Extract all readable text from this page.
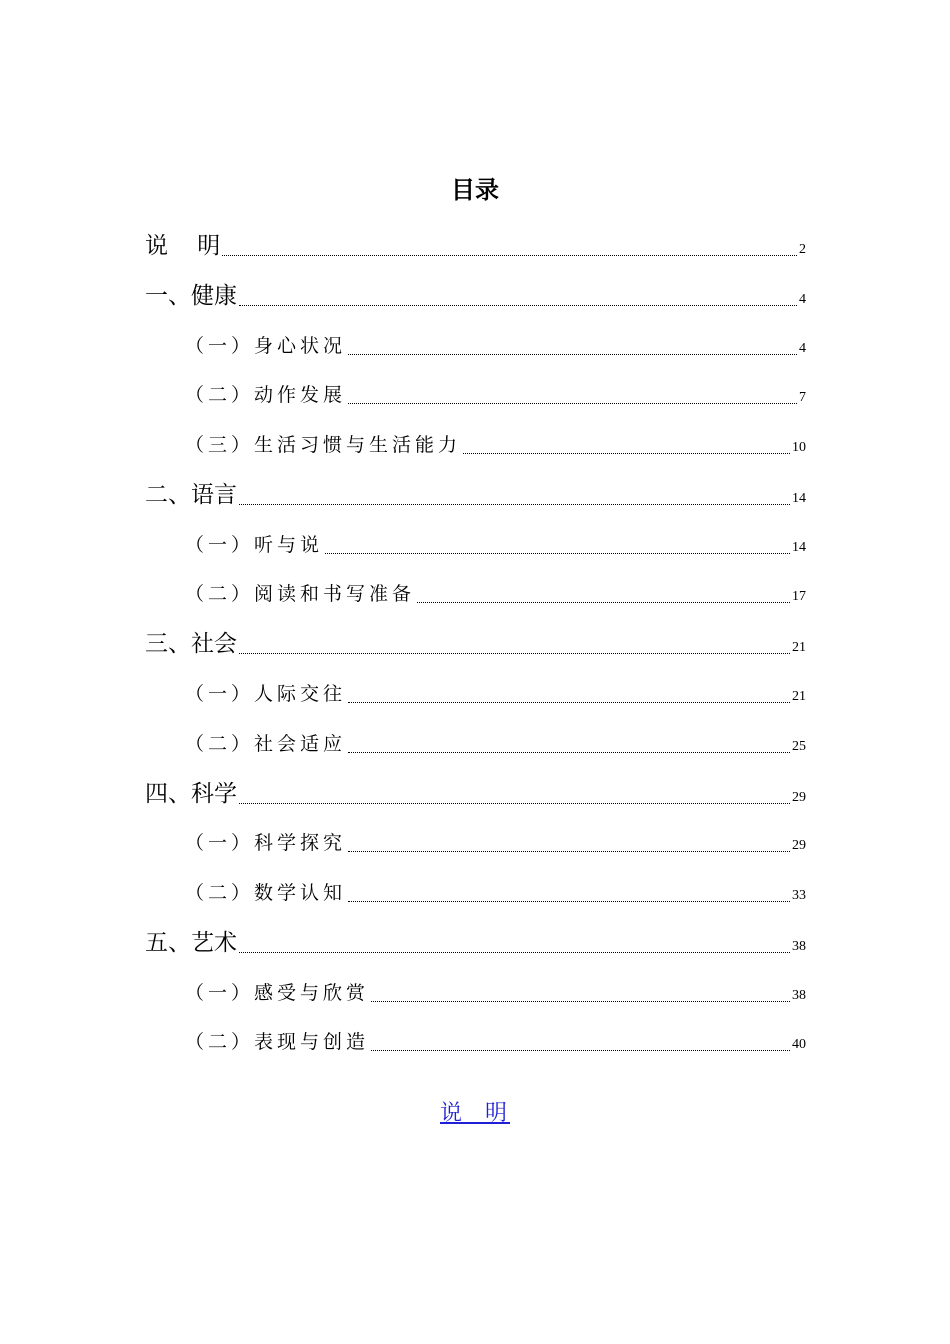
目录
说    明	2
一、健康	4
（一）身心状况	4
（二）动作发展	7
（三）生活习惯与生活能力	10
二、语言	14
（一）听与说	14
（二）阅读和书写准备	17
三、社会	21
（一）人际交往	21
（二）社会适应	25
四、科学	29
（一）科学探究	29
（二）数学认知	33
五、艺术	38
（一）感受与欣赏	38
（二）表现与创造	40
说  明
